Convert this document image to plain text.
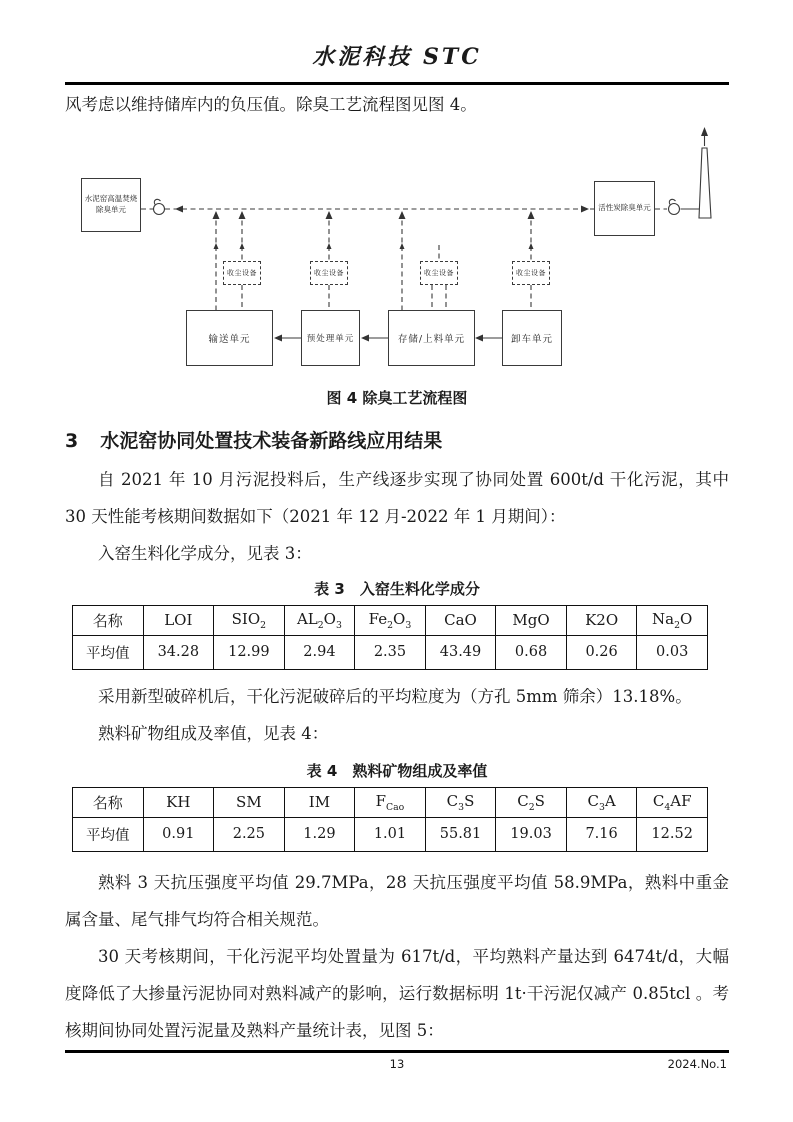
水泥科技 STC

风考虑以维持储库内的负压值。除臭工艺流程图见图 4。

水泥窑高温焚烧
除臭单元	活性炭除臭单元
收尘设备	收尘设备	收尘设备	收尘设备
输送单元	预处理单元	存储/上料单元	卸车单元
图 4 除臭工艺流程图
3 水泥窑协同处置技术装备新路线应用结果

自 2021 年 10 月污泥投料后，生产线逐步实现了协同处置 600t/d 干化污泥，其中 30 天性能考核期间数据如下（2021 年 12 月-2022 年 1 月期间）：

入窑生料化学成分，见表 3：

表 3　入窑生料化学成分
名称	LOI	$SIO_2$	$AL_2O_3$	$Fe_2O_3$	CaO	MgO	K2O	$Na_2O$
平均值	34.28	12.99	2.94	2.35	43.49	0.68	0.26	0.03

采用新型破碎机后，干化污泥破碎后的平均粒度为（方孔 5mm 筛余）13.18%。

熟料矿物组成及率值，见表 4：

表 4　熟料矿物组成及率值
名称	KH	SM	IM	$F_{Cao}$	$C_3S$	$C_2S$	$C_3A$	$C_4AF$
平均值	0.91	2.25	1.29	1.01	55.81	19.03	7.16	12.52

熟料 3 天抗压强度平均值 29.7MPa，28 天抗压强度平均值 58.9MPa，熟料中重金属含量、尾气排气均符合相关规范。

30 天考核期间，干化污泥平均处置量为 617t/d，平均熟料产量达到 6474t/d，大幅度降低了大掺量污泥协同对熟料减产的影响，运行数据标明 1t·干污泥仅减产 0.85tcl 。考核期间协同处置污泥量及熟料产量统计表，见图 5：

13	2024.No.1
